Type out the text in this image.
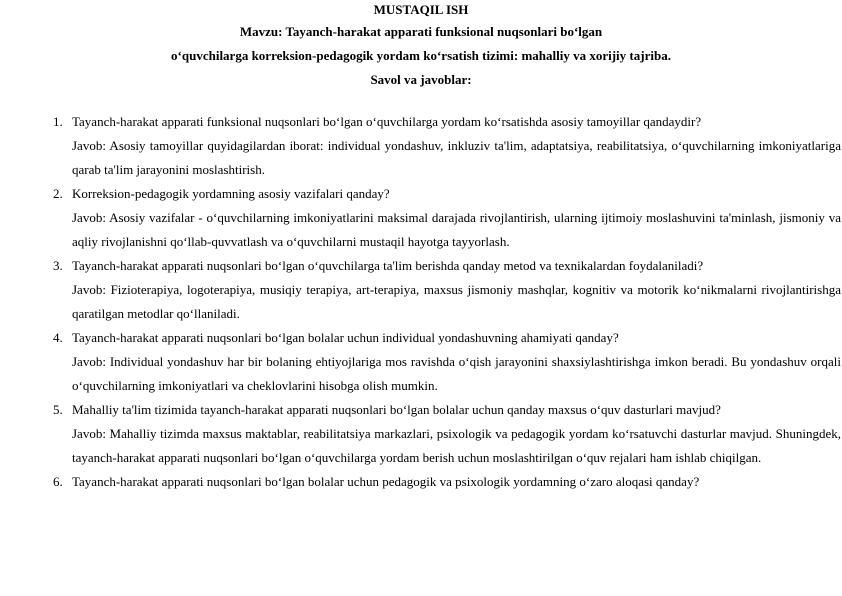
MUSTAQIL ISH

Mavzu: Tayanch-harakat apparati funksional nuqsonlari bo‘lgan

o‘quvchilarga korreksion-pedagogik yordam ko‘rsatish tizimi: mahalliy va xorijiy tajriba.

Savol va javoblar:

1. Tayanch-harakat apparati funksional nuqsonlari bo‘lgan o‘quvchilarga yordam ko‘rsatishda asosiy tamoyillar qandaydir?

Javob: Asosiy tamoyillar quyidagilardan iborat: individual yondashuv, inkluziv ta'lim, adaptatsiya, reabilitatsiya, o‘quvchilarning imkoniyatlariga qarab ta'lim jarayonini moslashtirish.

2. Korreksion-pedagogik yordamning asosiy vazifalari qanday?

Javob: Asosiy vazifalar - o‘quvchilarning imkoniyatlarini maksimal darajada rivojlantirish, ularning ijtimoiy moslashuvini ta'minlash, jismoniy va aqliy rivojlanishni qo‘llab-quvvatlash va o‘quvchilarni mustaqil hayotga tayyorlash.

3. Tayanch-harakat apparati nuqsonlari bo‘lgan o‘quvchilarga ta'lim berishda qanday metod va texnikalardan foydalaniladi?

Javob: Fizioterapiya, logoterapiya, musiqiy terapiya, art-terapiya, maxsus jismoniy mashqlar, kognitiv va motorik ko‘nikmalarni rivojlantirishga qaratilgan metodlar qo‘llaniladi.

4. Tayanch-harakat apparati nuqsonlari bo‘lgan bolalar uchun individual yondashuvning ahamiyati qanday?

Javob: Individual yondashuv har bir bolaning ehtiyojlariga mos ravishda o‘qish jarayonini shaxsiylashtirishga imkon beradi. Bu yondashuv orqali o‘quvchilarning imkoniyatlari va cheklovlarini hisobga olish mumkin.

5. Mahalliy ta'lim tizimida tayanch-harakat apparati nuqsonlari bo‘lgan bolalar uchun qanday maxsus o‘quv dasturlari mavjud?

Javob: Mahalliy tizimda maxsus maktablar, reabilitatsiya markazlari, psixologik va pedagogik yordam ko‘rsatuvchi dasturlar mavjud. Shuningdek, tayanch-harakat apparati nuqsonlari bo‘lgan o‘quvchilarga yordam berish uchun moslashtirilgan o‘quv rejalari ham ishlab chiqilgan.

6. Tayanch-harakat apparati nuqsonlari bo‘lgan bolalar uchun pedagogik va psixologik yordamning o‘zaro aloqasi qanday?
